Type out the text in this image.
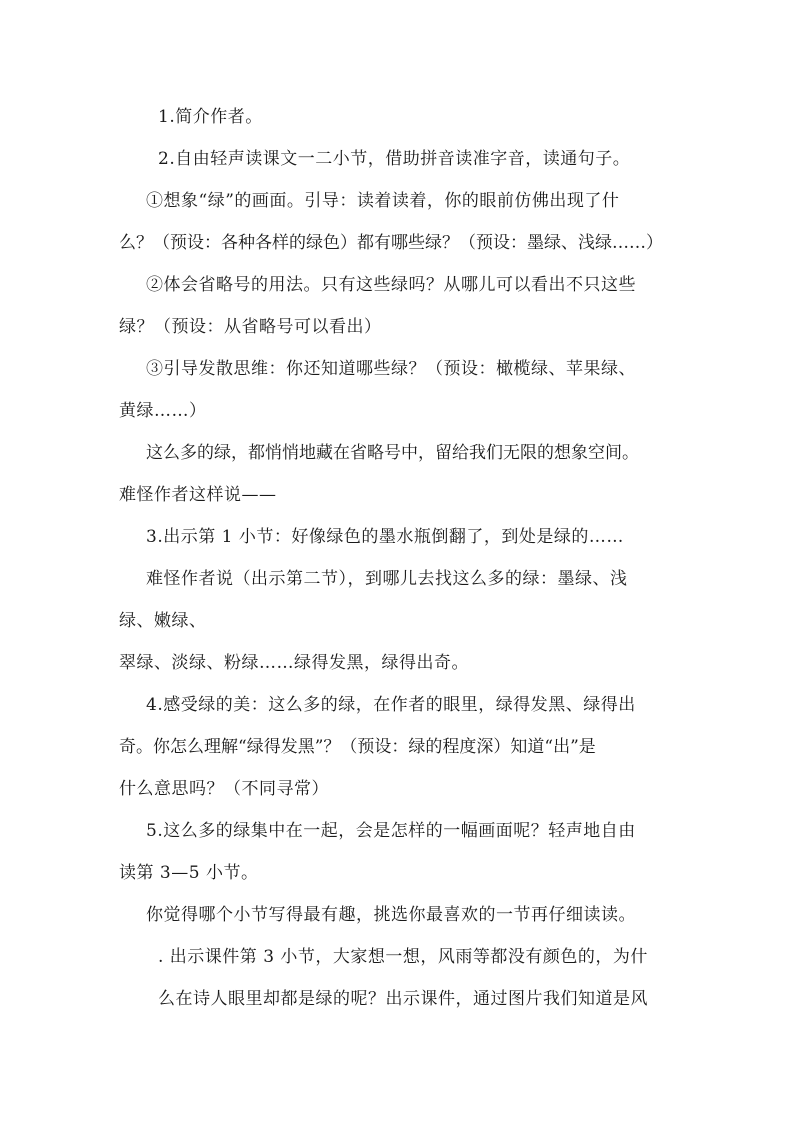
1.简介作者。
2.自由轻声读课文一二小节，借助拼音读准字音，读通句子。
①想象“绿”的画面。引导：读着读着，你的眼前仿佛出现了什
么？（预设：各种各样的绿色）都有哪些绿？（预设：墨绿、浅绿……）
②体会省略号的用法。只有这些绿吗？从哪儿可以看出不只这些
绿？（预设：从省略号可以看出）
③引导发散思维：你还知道哪些绿？（预设：橄榄绿、苹果绿、
黄绿……）
这么多的绿，都悄悄地藏在省略号中，留给我们无限的想象空间。
难怪作者这样说——
3.出示第 1 小节：好像绿色的墨水瓶倒翻了，到处是绿的……
难怪作者说（出示第二节），到哪儿去找这么多的绿：墨绿、浅
绿、嫩绿、
翠绿、淡绿、粉绿……绿得发黑，绿得出奇。
4.感受绿的美：这么多的绿，在作者的眼里，绿得发黑、绿得出
奇。你怎么理解“绿得发黑”？（预设：绿的程度深）知道“出”是
什么意思吗？（不同寻常）
5.这么多的绿集中在一起，会是怎样的一幅画面呢？轻声地自由
读第 3—5 小节。
你觉得哪个小节写得最有趣，挑选你最喜欢的一节再仔细读读。
. 出示课件第 3 小节，大家想一想，风雨等都没有颜色的，为什
么在诗人眼里却都是绿的呢？出示课件，通过图片我们知道是风
